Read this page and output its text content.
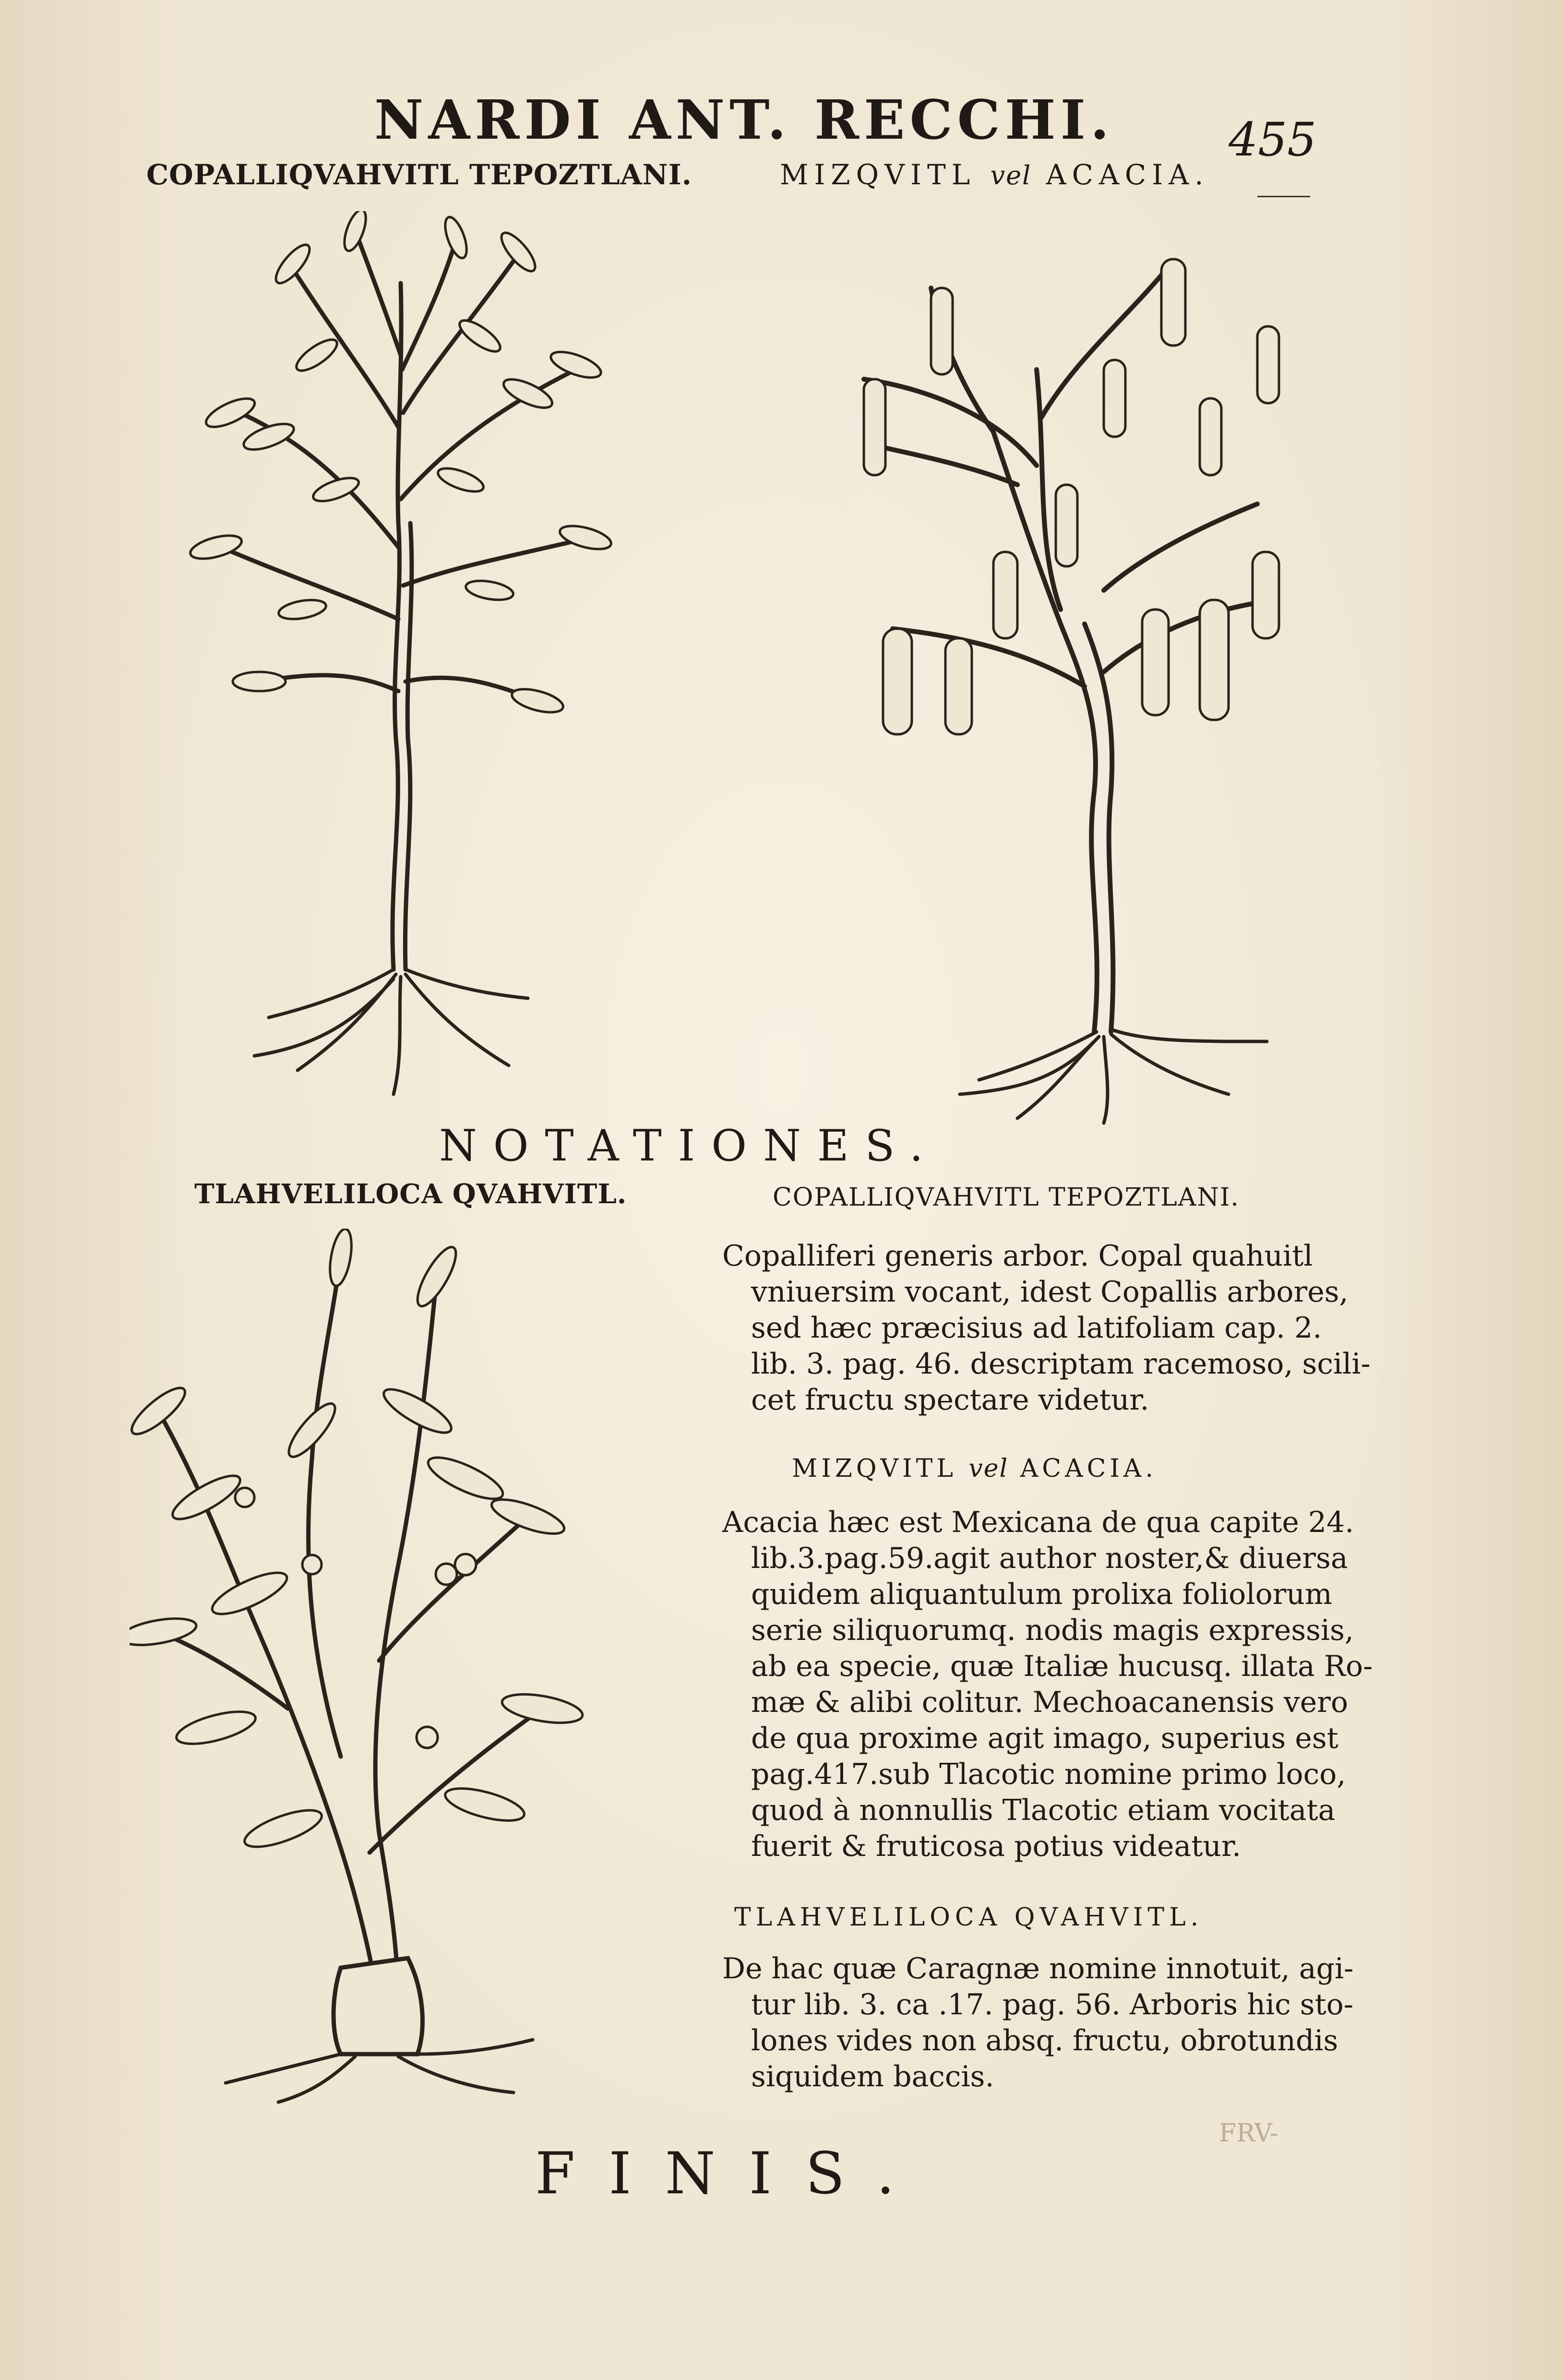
NARDI ANT. RECCHI. 455
COPALLIQVAHVITL TEPOZTLANI.	MIZQVITL vel ACACIA.
NOTATIONES.
TLAHVELILOCA QVAHVITL.	COPALLIQVAHVITL TEPOZTLANI.
Copalliferi generis arbor. Copal quahuitl
vniuersim vocant, idest Copallis arbores,
sed hæc præcisius ad latifoliam cap. 2.
lib. 3. pag. 46. descriptam racemoso, scili-
cet fructu spectare videtur.
MIZQVITL vel ACACIA.
Acacia hæc est Mexicana de qua capite 24.
lib.3.pag.59.agit author noster,& diuersa
quidem aliquantulum prolixa foliolorum
serie siliquorumq. nodis magis expressis,
ab ea specie, quæ Italiæ hucusq. illata Ro-
mæ & alibi colitur. Mechoacanensis vero
de qua proxime agit imago, superius est
pag.417.sub Tlacotic nomine primo loco,
quod à nonnullis Tlacotic etiam vocitata
fuerit & fruticosa potius videatur.
TLAHVELILOCA QVAHVITL.
De hac quæ Caragnæ nomine innotuit, agi-
tur lib. 3. ca .17. pag. 56. Arboris hic sto-
lones vides non absq. fructu, obrotundis
siquidem baccis.
FINIS.
FRV-
